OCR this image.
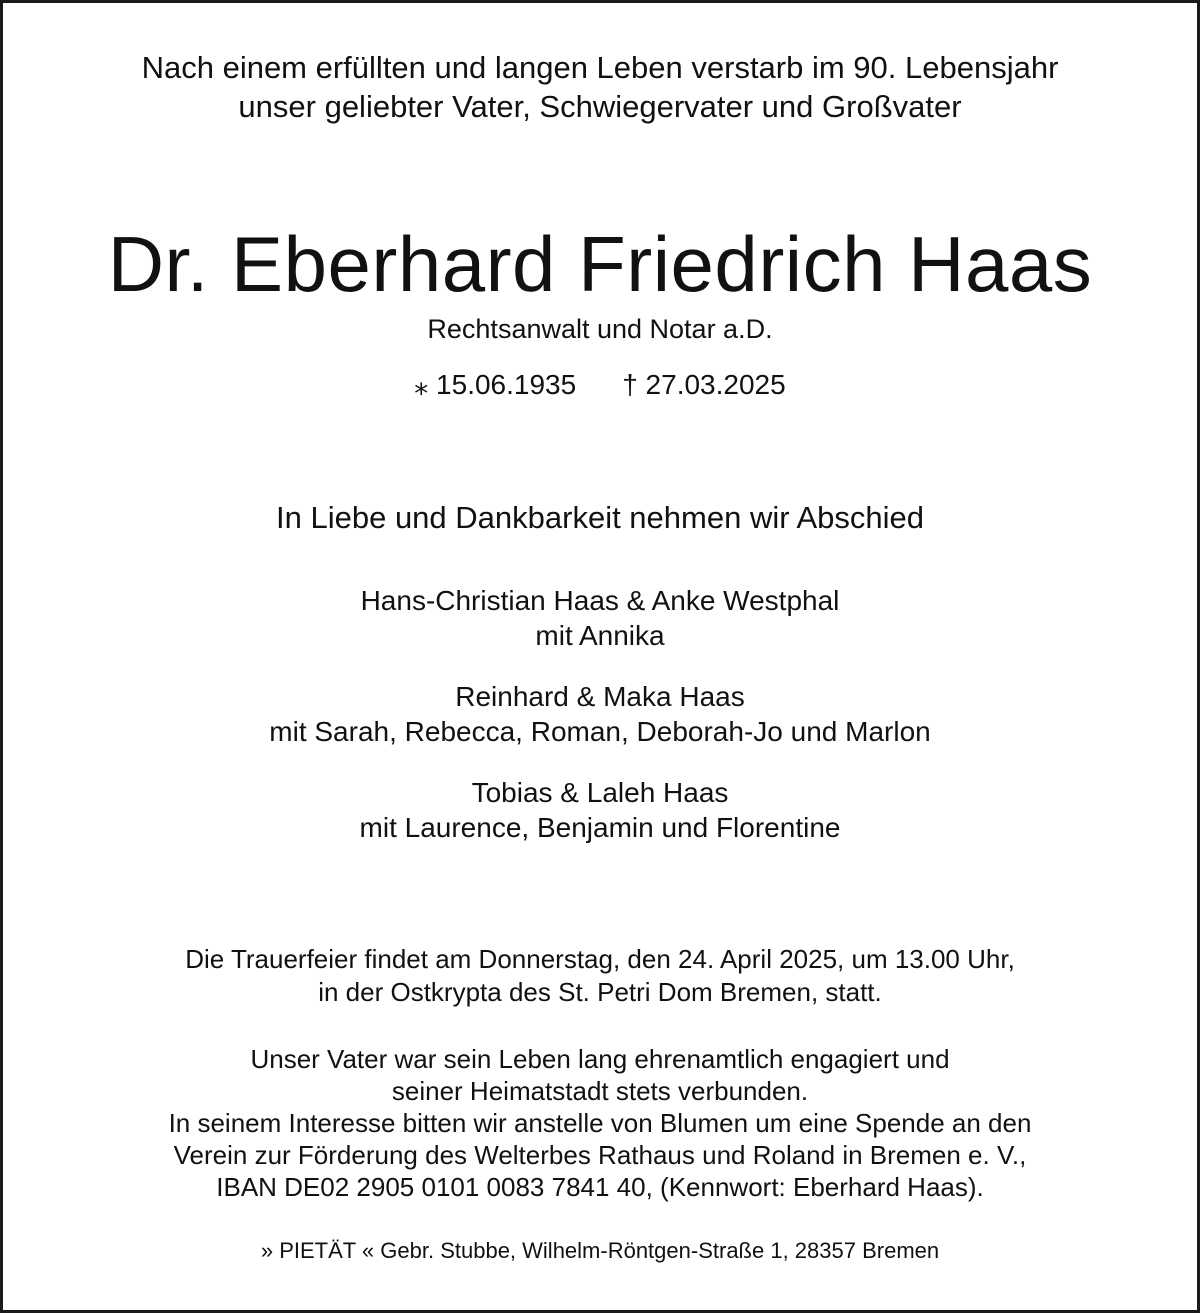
Nach einem erfüllten und langen Leben verstarb im 90. Lebensjahr
unser geliebter Vater, Schwiegervater und Großvater
Dr. Eberhard Friedrich Haas
Rechtsanwalt und Notar a.D.
⁎ 15.06.1935 † 27.03.2025
In Liebe und Dankbarkeit nehmen wir Abschied
Hans-Christian Haas & Anke Westphal
mit Annika
Reinhard & Maka Haas
mit Sarah, Rebecca, Roman, Deborah-Jo und Marlon
Tobias & Laleh Haas
mit Laurence, Benjamin und Florentine
Die Trauerfeier findet am Donnerstag, den 24. April 2025, um 13.00 Uhr,
in der Ostkrypta des St. Petri Dom Bremen, statt.
Unser Vater war sein Leben lang ehrenamtlich engagiert und
seiner Heimatstadt stets verbunden.
In seinem Interesse bitten wir anstelle von Blumen um eine Spende an den
Verein zur Förderung des Welterbes Rathaus und Roland in Bremen e. V.,
IBAN DE02 2905 0101 0083 7841 40, (Kennwort: Eberhard Haas).
» PIETÄT « Gebr. Stubbe, Wilhelm-Röntgen-Straße 1, 28357 Bremen
